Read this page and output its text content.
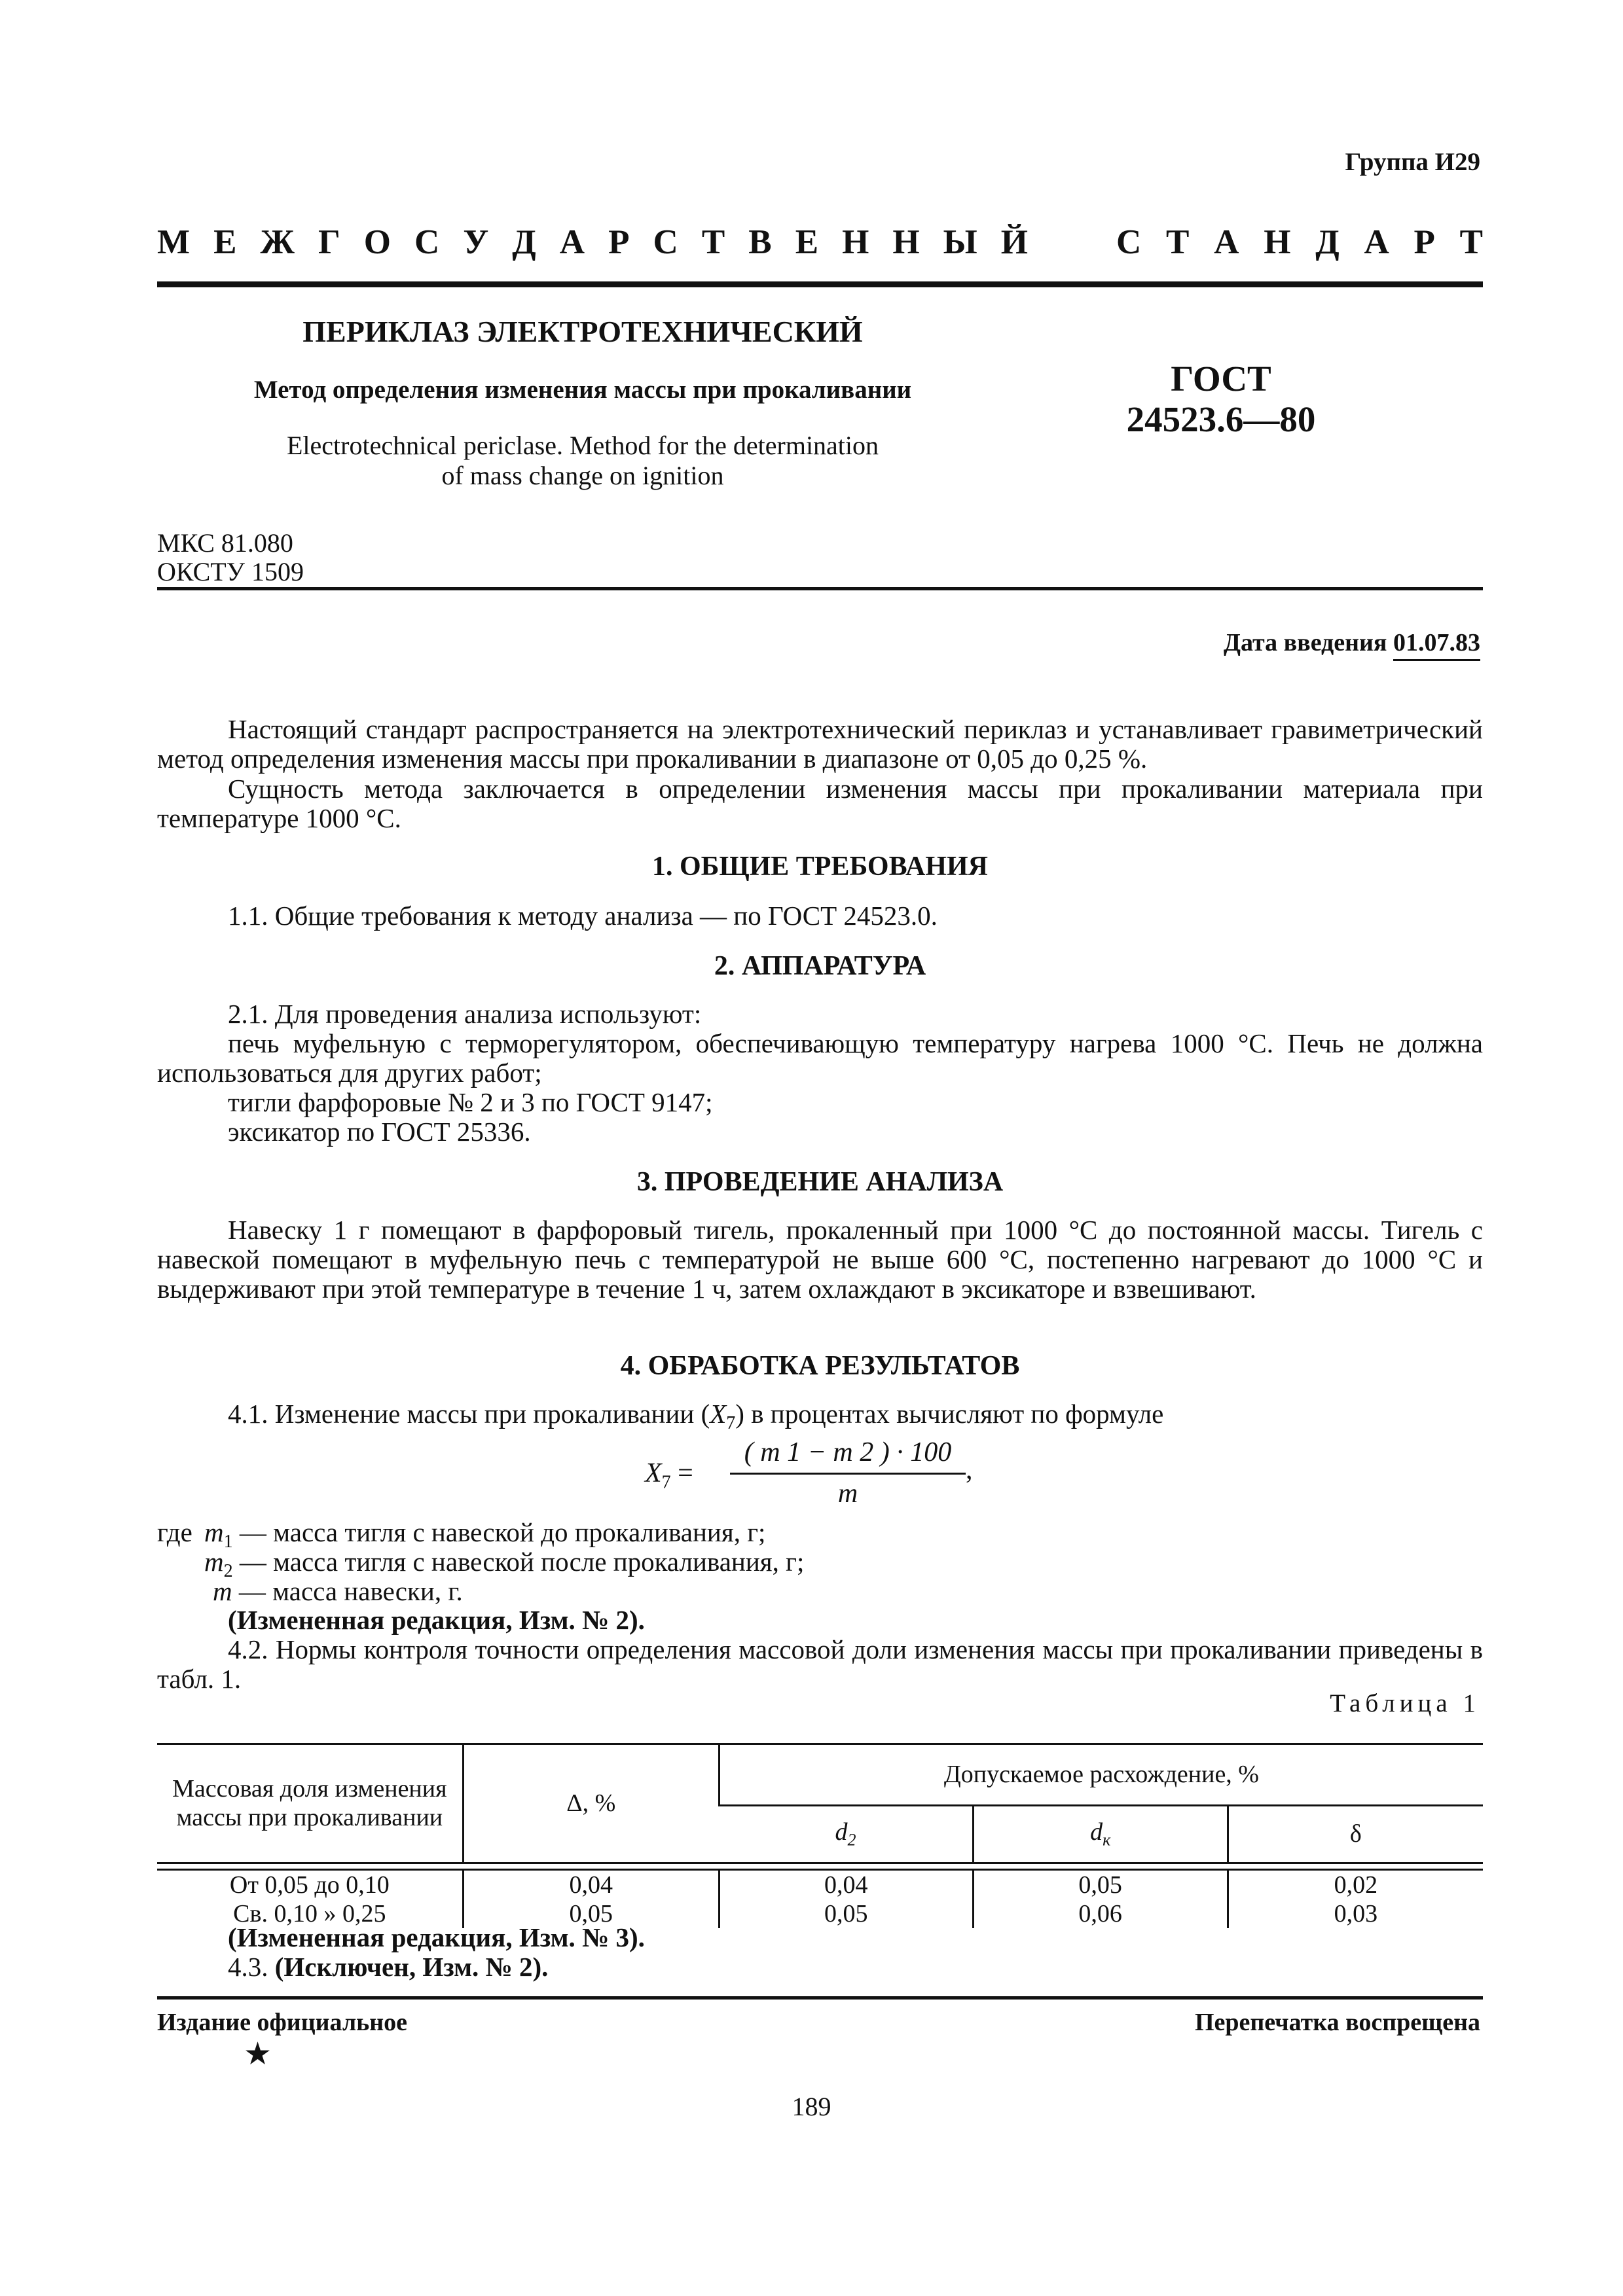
Группа И29
М Е Ж Г О С У Д А Р С Т В Е Н Н Ы Й	С Т А Н Д А Р Т
ПЕРИКЛАЗ ЭЛЕКТРОТЕХНИЧЕСКИЙ
Метод определения изменения массы при прокаливании
Electrotechnical periclase. Method for the determination
of mass change on ignition
ГОСТ
24523.6—80
МКС 81.080
ОКСТУ 1509
Дата введения 01.07.83
Настоящий стандарт распространяется на электротехнический периклаз и устанавливает гравиметрический метод определения изменения массы при прокаливании в диапазоне от 0,05 до 0,25 %.
Сущность метода заключается в определении изменения массы при прокаливании материала при температуре 1000 °С.
1. ОБЩИЕ ТРЕБОВАНИЯ
1.1. Общие требования к методу анализа — по ГОСТ 24523.0.
2. АППАРАТУРА
2.1. Для проведения анализа используют:
печь муфельную с терморегулятором, обеспечивающую температуру нагрева 1000 °С. Печь не должна использоваться для других работ;
тигли фарфоровые № 2 и 3 по ГОСТ 9147;
эксикатор по ГОСТ 25336.
3. ПРОВЕДЕНИЕ АНАЛИЗА
Навеску 1 г помещают в фарфоровый тигель, прокаленный при 1000 °С до постоянной массы. Тигель с навеской помещают в муфельную печь с температурой не выше 600 °С, постепенно нагревают до 1000 °С и выдерживают при этой температуре в течение 1 ч, затем охлаждают в эксикаторе и взвешивают.
4. ОБРАБОТКА РЕЗУЛЬТАТОВ
4.1. Изменение массы при прокаливании $(X_7)$ в процентах вычисляют по формуле
$X_7$ =
( m 1 − m 2 ) · 100
m
,
где $m_1$ — масса тигля с навеской до прокаливания, г;
$m_2$ — масса тигля с навеской после прокаливания, г;
m — масса навески, г.
(Измененная редакция, Изм. № 2).
4.2. Нормы контроля точности определения массовой доли изменения массы при прокаливании приведены в табл. 1.
Таблица 1
Массовая доля изменения массы при прокаливании	Δ, %	Допускаемое расхождение, %		
		$d_2$	$d_к$	δ

От 0,05 до 0,10	0,04	0,04	0,05	0,02
Св. 0,10 » 0,25	0,05	0,05	0,06	0,03
(Измененная редакция, Изм. № 3).
4.3. (Исключен, Изм. № 2).
Издание официальное	Перепечатка воспрещена
★
189
